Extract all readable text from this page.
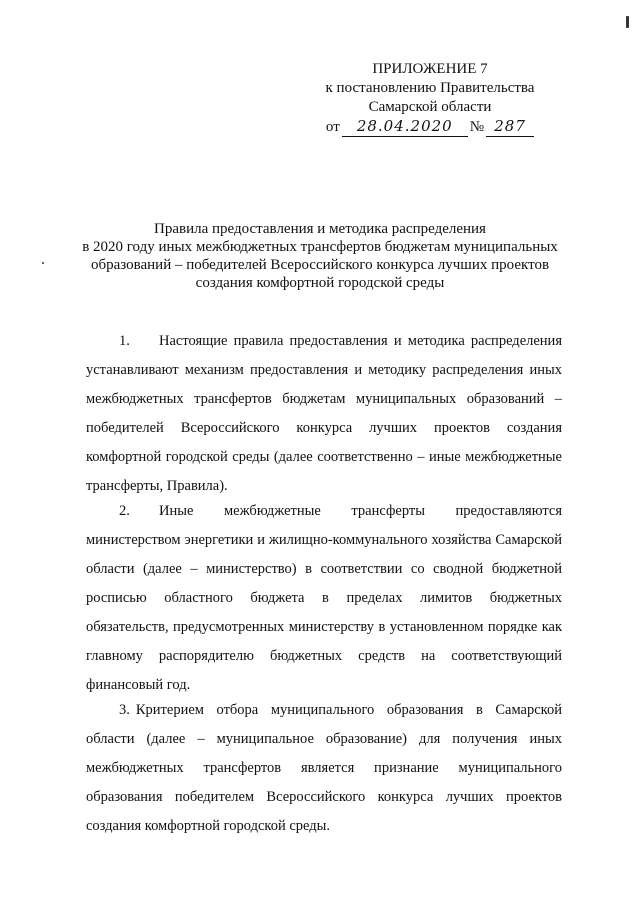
ПРИЛОЖЕНИЕ 7
к постановлению Правительства
Самарской области
от	28.04.2020	№ 287
Правила предоставления и методика распределения
в 2020 году иных межбюджетных трансфертов бюджетам муниципальных
образований – победителей Всероссийского конкурса лучших проектов
создания комфортной городской среды

1. Настоящие правила предоставления и методика распределения устанавливают механизм предоставления и методику распределения иных межбюджетных трансфертов бюджетам муниципальных образований – победителей Всероссийского конкурса лучших проектов создания комфортной городской среды (далее соответственно – иные межбюджетные трансферты, Правила).

2. Иные межбюджетные трансферты предоставляются министерством энергетики и жилищно-коммунального хозяйства Самарской области (далее – министерство) в соответствии со сводной бюджетной росписью областного бюджета в пределах лимитов бюджетных обязательств, предусмотренных министерству в установленном порядке как главному распорядителю бюджетных средств на соответствующий финансовый год.

3. Критерием отбора муниципального образования в Самарской области (далее – муниципальное образование) для получения иных межбюджетных трансфертов является признание муниципального образования победителем Всероссийского конкурса лучших проектов создания комфортной городской среды.
